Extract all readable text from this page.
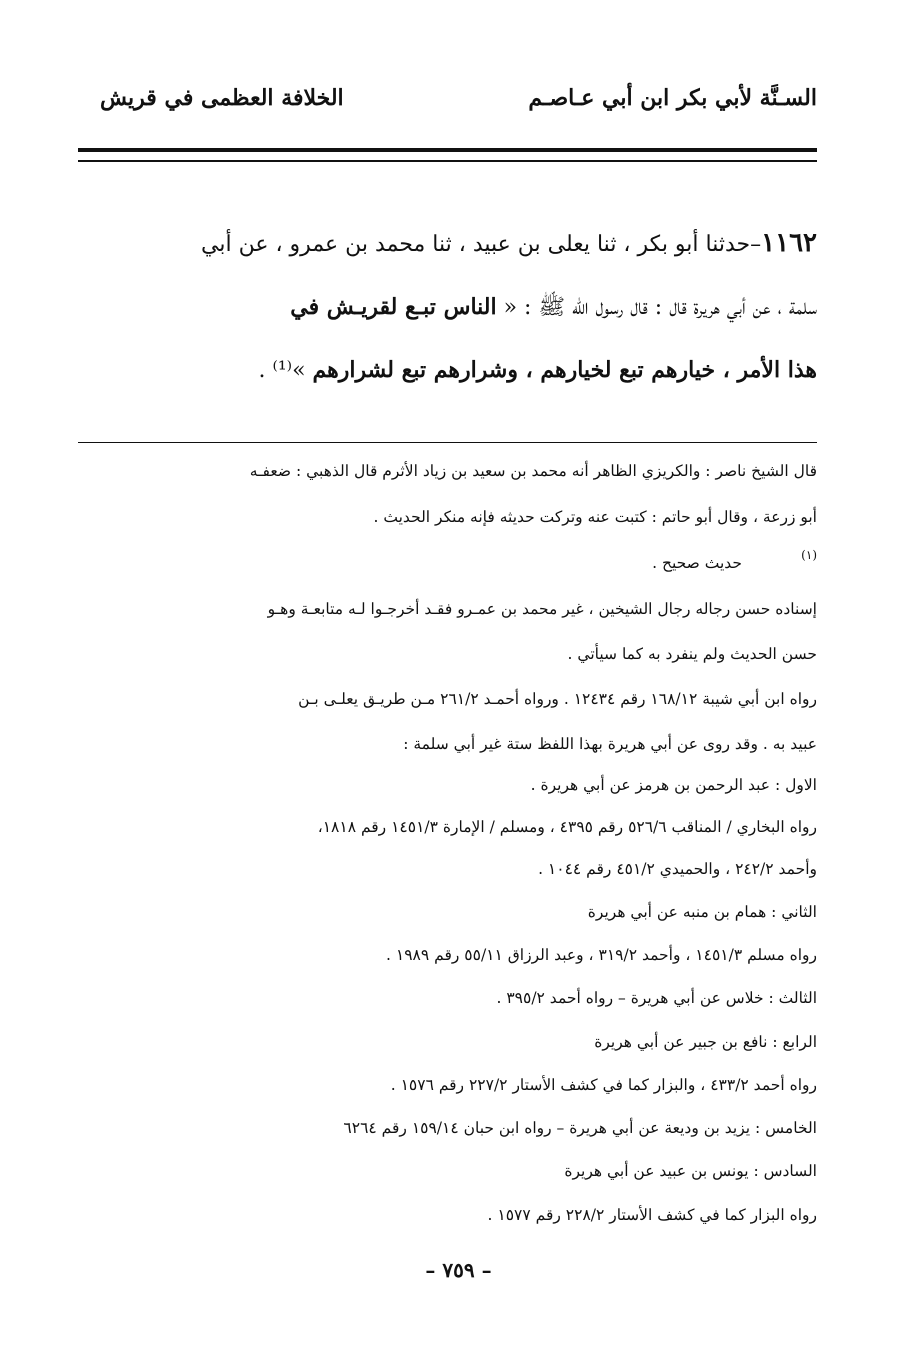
السـنَّة لأبي بكر ابن أبي عـاصـم
الخلافة العظمى في قريش
١١٦٢–حدثنا أبو بكر ، ثنا يعلى بن عبيد ، ثنا محمد بن عمرو ، عن أبي
سلمة ، عن أبي هريرة قال : قال رسول الله ﷺ : « الناس تبـع لقريـش في
هذا الأمر ، خيارهم تبع لخيارهم ، وشرارهم تبع لشرارهم »⁽¹⁾ .
(١)
قال الشيخ ناصر : والكريزي الظاهر أنه محمد بن سعيد بن زياد الأثرم قال الذهبي : ضعفـه
أبو زرعة ، وقال أبو حاتم : كتبت عنه وتركت حديثه فإنه منكر الحديث .
حديث صحيح .
إسناده حسن رجاله رجال الشيخين ، غير محمد بن عمـرو فقـد أخرجـوا لـه متابعـة وهـو
حسن الحديث ولم ينفرد به كما سيأتي .
رواه ابن أبي شيبة ١٦٨/١٢ رقم ١٢٤٣٤ . ورواه أحمـد ٢٦١/٢ مـن طريـق يعلـى بـن
عبيد به . وقد روى عن أبي هريرة بهذا اللفظ ستة غير أبي سلمة :
الاول : عبد الرحمن بن هرمز عن أبي هريرة .
رواه البخاري / المناقب ٥٢٦/٦ رقم ٤٣٩٥ ، ومسلم / الإمارة ١٤٥١/٣ رقم ١٨١٨،
وأحمد ٢٤٢/٢ ، والحميدي ٤٥١/٢ رقم ١٠٤٤ .
الثاني : همام بن منبه عن أبي هريرة
رواه مسلم ١٤٥١/٣ ، وأحمد ٣١٩/٢ ، وعبد الرزاق ٥٥/١١ رقم ١٩٨٩ .
الثالث : خلاس عن أبي هريرة – رواه أحمد ٣٩٥/٢ .
الرابع : نافع بن جبير عن أبي هريرة
رواه أحمد ٤٣٣/٢ ، والبزار كما في كشف الأستار ٢٢٧/٢ رقم ١٥٧٦ .
الخامس : يزيد بن وديعة عن أبي هريرة – رواه ابن حبان ١٥٩/١٤ رقم ٦٢٦٤
السادس : يونس بن عبيد عن أبي هريرة
رواه البزار كما في كشف الأستار ٢٢٨/٢ رقم ١٥٧٧ .
– ٧٥٩ –
